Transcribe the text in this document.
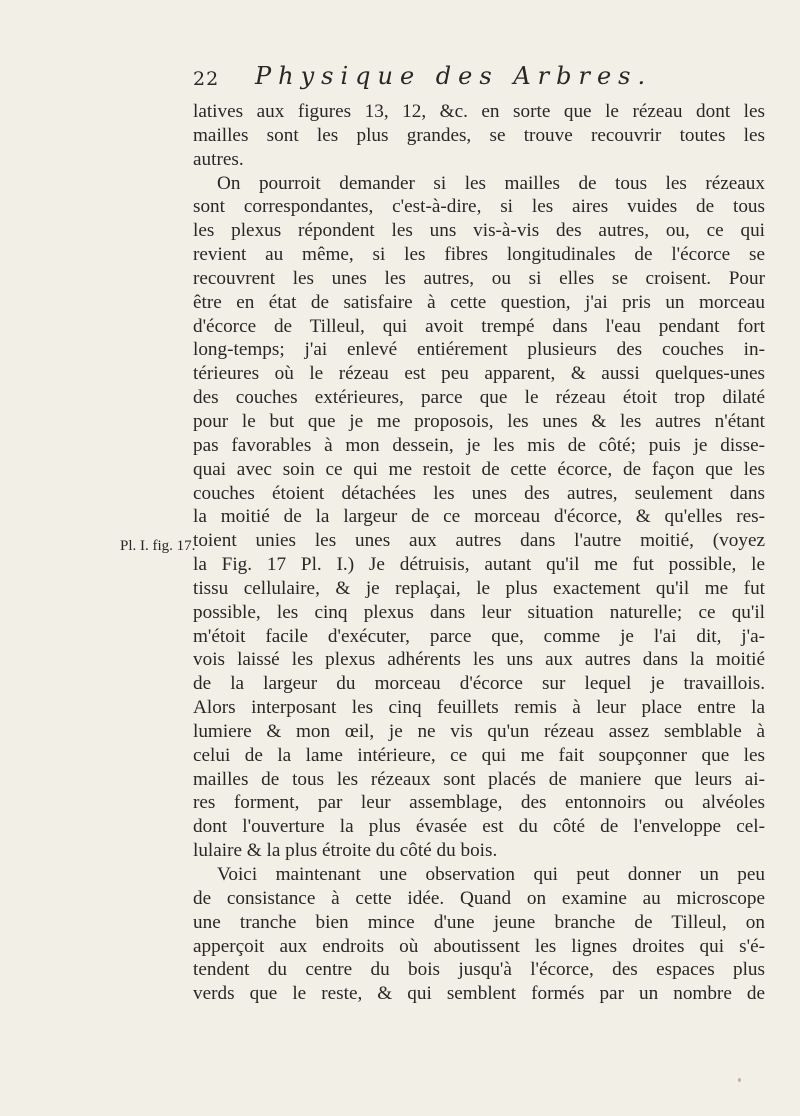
22 Physique des Arbres.
Pl. I. fig. 17.
latives aux figures 13, 12, &c. en sorte que le rézeau dont les
mailles sont les plus grandes, se trouve recouvrir toutes les
autres.
On pourroit demander si les mailles de tous les rézeaux
sont correspondantes, c'est-à-dire, si les aires vuides de tous
les plexus répondent les uns vis-à-vis des autres, ou, ce qui
revient au même, si les fibres longitudinales de l'écorce se
recouvrent les unes les autres, ou si elles se croisent. Pour
être en état de satisfaire à cette question, j'ai pris un morceau
d'écorce de Tilleul, qui avoit trempé dans l'eau pendant fort
long-temps; j'ai enlevé entiérement plusieurs des couches in-
térieures où le rézeau est peu apparent, & aussi quelques-unes
des couches extérieures, parce que le rézeau étoit trop dilaté
pour le but que je me proposois, les unes & les autres n'étant
pas favorables à mon dessein, je les mis de côté; puis je disse-
quai avec soin ce qui me restoit de cette écorce, de façon que les
couches étoient détachées les unes des autres, seulement dans
la moitié de la largeur de ce morceau d'écorce, & qu'elles res-
toient unies les unes aux autres dans l'autre moitié, (voyez
la Fig. 17 Pl. I.) Je détruisis, autant qu'il me fut possible, le
tissu cellulaire, & je replaçai, le plus exactement qu'il me fut
possible, les cinq plexus dans leur situation naturelle; ce qu'il
m'étoit facile d'exécuter, parce que, comme je l'ai dit, j'a-
vois laissé les plexus adhérents les uns aux autres dans la moitié
de la largeur du morceau d'écorce sur lequel je travaillois.
Alors interposant les cinq feuillets remis à leur place entre la
lumiere & mon œil, je ne vis qu'un rézeau assez semblable à
celui de la lame intérieure, ce qui me fait soupçonner que les
mailles de tous les rézeaux sont placés de maniere que leurs ai-
res forment, par leur assemblage, des entonnoirs ou alvéoles
dont l'ouverture la plus évasée est du côté de l'enveloppe cel-
lulaire & la plus étroite du côté du bois.
Voici maintenant une observation qui peut donner un peu
de consistance à cette idée. Quand on examine au microscope
une tranche bien mince d'une jeune branche de Tilleul, on
apperçoit aux endroits où aboutissent les lignes droites qui s'é-
tendent du centre du bois jusqu'à l'écorce, des espaces plus
verds que le reste, & qui semblent formés par un nombre de
